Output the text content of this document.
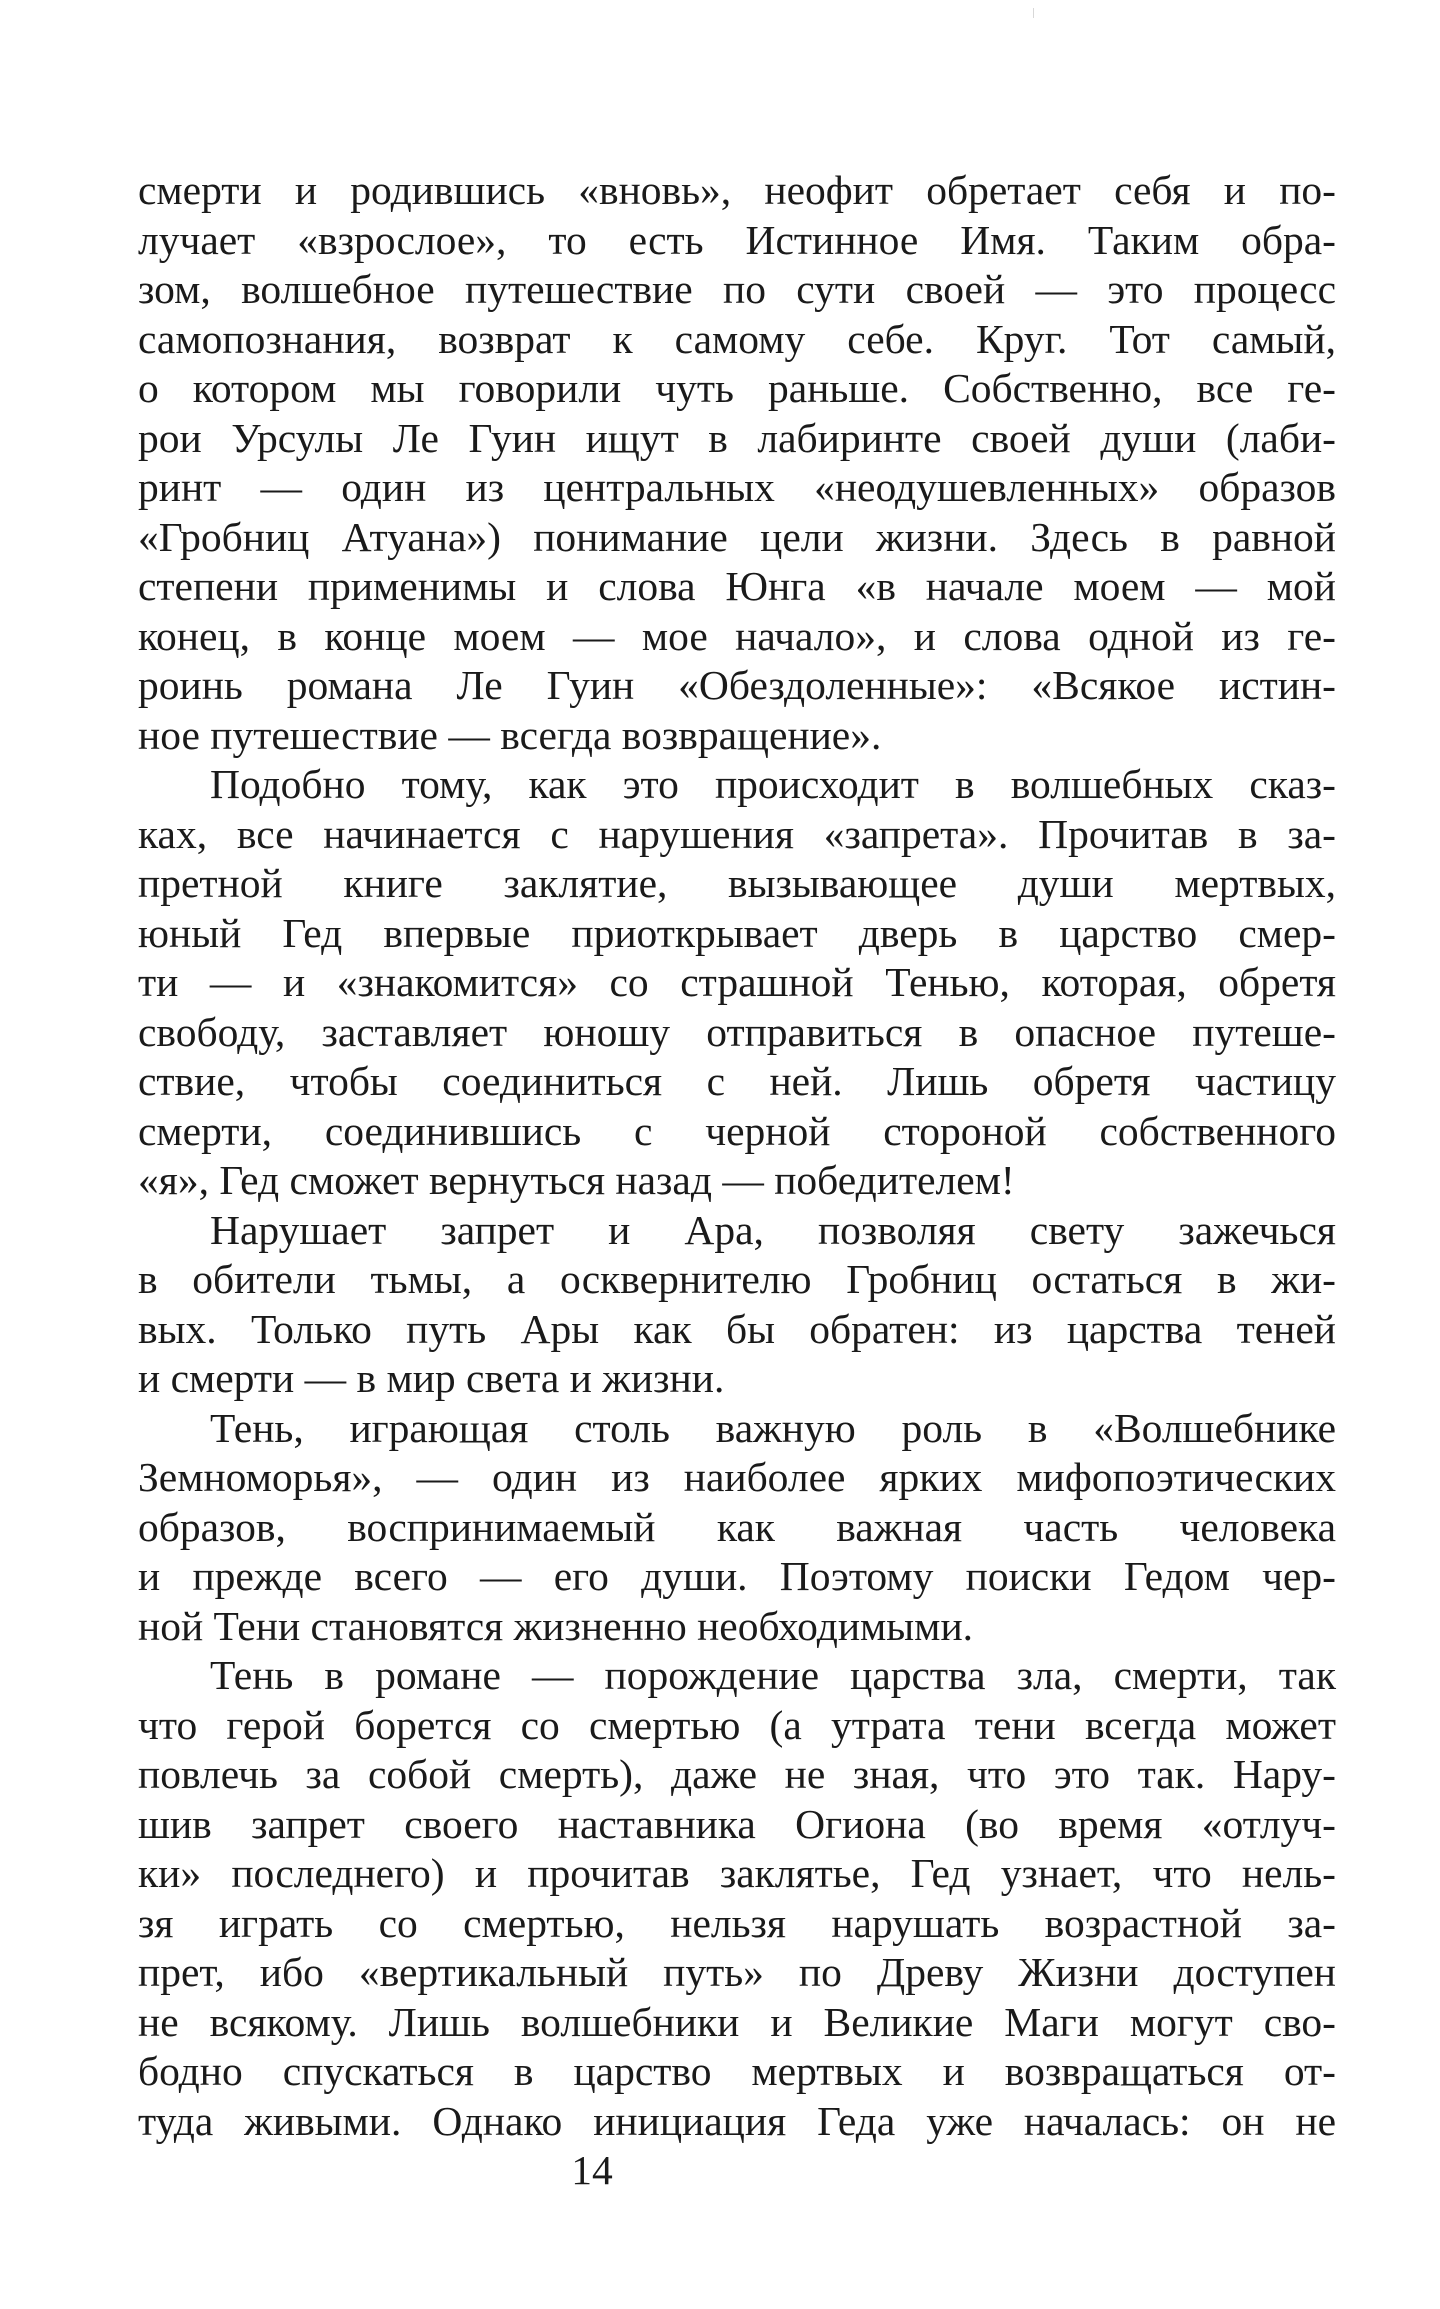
смерти и родившись «вновь», неофит обретает себя и по-
лучает «взрослое», то есть Истинное Имя. Таким обра-
зом, волшебное путешествие по сути своей — это процесс
самопознания, возврат к самому себе. Круг. Тот самый,
о котором мы говорили чуть раньше. Собственно, все ге-
рои Урсулы Ле Гуин ищут в лабиринте своей души (лаби-
ринт — один из центральных «неодушевленных» образов
«Гробниц Атуана») понимание цели жизни. Здесь в равной
степени применимы и слова Юнга «в начале моем — мой
конец, в конце моем — мое начало», и слова одной из ге-
роинь романа Ле Гуин «Обездоленные»: «Всякое истин-
ное путешествие — всегда возвращение».
Подобно тому, как это происходит в волшебных сказ-
ках, все начинается с нарушения «запрета». Прочитав в за-
претной книге заклятие, вызывающее души мертвых,
юный Гед впервые приоткрывает дверь в царство смер-
ти — и «знакомится» со страшной Тенью, которая, обретя
свободу, заставляет юношу отправиться в опасное путеше-
ствие, чтобы соединиться с ней. Лишь обретя частицу
смерти, соединившись с черной стороной собственного
«я», Гед сможет вернуться назад — победителем!
Нарушает запрет и Ара, позволяя свету зажечься
в обители тьмы, а осквернителю Гробниц остаться в жи-
вых. Только путь Ары как бы обратен: из царства теней
и смерти — в мир света и жизни.
Тень, играющая столь важную роль в «Волшебнике
Земноморья», — один из наиболее ярких мифопоэтических
образов, воспринимаемый как важная часть человека
и прежде всего — его души. Поэтому поиски Гедом чер-
ной Тени становятся жизненно необходимыми.
Тень в романе — порождение царства зла, смерти, так
что герой борется со смертью (а утрата тени всегда может
повлечь за собой смерть), даже не зная, что это так. Нару-
шив запрет своего наставника Огиона (во время «отлуч-
ки» последнего) и прочитав заклятье, Гед узнает, что нель-
зя играть со смертью, нельзя нарушать возрастной за-
прет, ибо «вертикальный путь» по Древу Жизни доступен
не всякому. Лишь волшебники и Великие Маги могут сво-
бодно спускаться в царство мертвых и возвращаться от-
туда живыми. Однако инициация Геда уже началась: он не
14
